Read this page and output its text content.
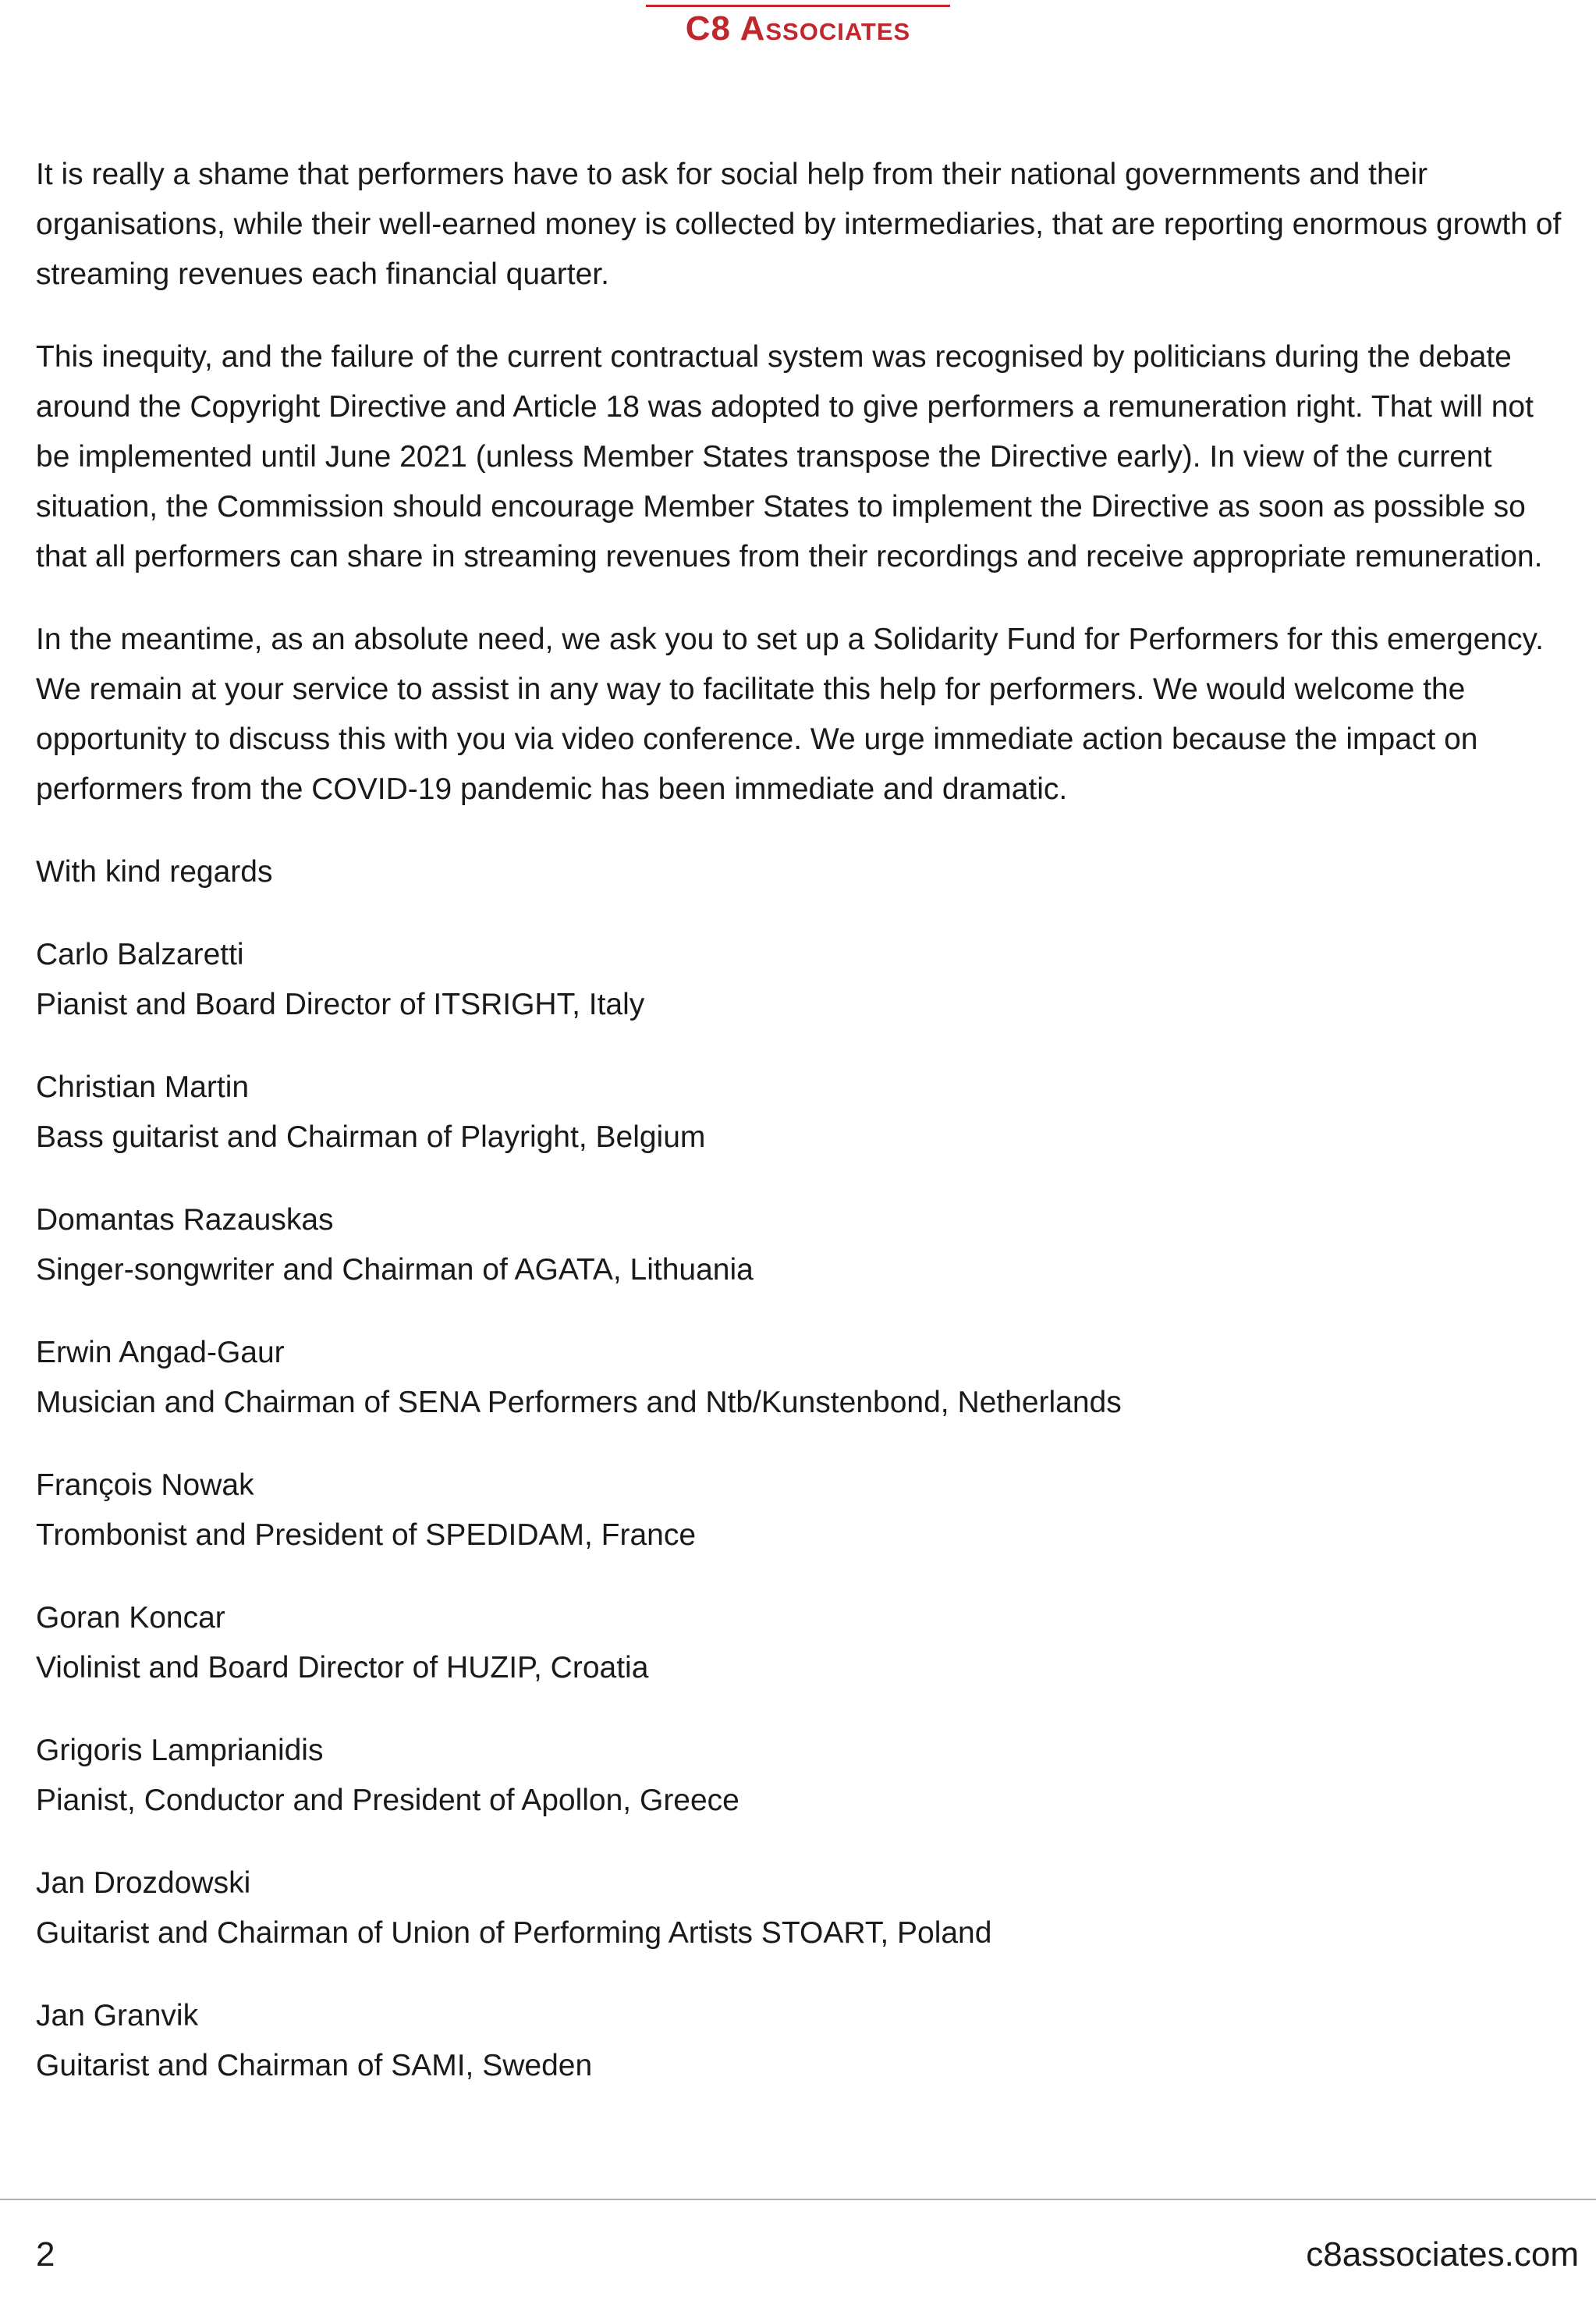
C8 Associates

It is really a shame that performers have to ask for social help from their national governments and their organisations, while their well-earned money is collected by intermediaries, that are reporting enormous growth of streaming revenues each financial quarter.

This inequity, and the failure of the current contractual system was recognised by politicians during the debate around the Copyright Directive and Article 18 was adopted to give performers a remuneration right. That will not be implemented until June 2021 (unless Member States transpose the Directive early). In view of the current situation, the Commission should encourage Member States to implement the Directive as soon as possible so that all performers can share in streaming revenues from their recordings and receive appropriate remuneration.

In the meantime, as an absolute need, we ask you to set up a Solidarity Fund for Performers for this emergency. We remain at your service to assist in any way to facilitate this help for performers. We would welcome the opportunity to discuss this with you via video conference. We urge immediate action because the impact on performers from the COVID-19 pandemic has been immediate and dramatic.

With kind regards

Carlo Balzaretti
Pianist and Board Director of ITSRIGHT, Italy
Christian Martin
Bass guitarist and Chairman of Playright, Belgium
Domantas Razauskas
Singer-songwriter and Chairman of AGATA, Lithuania
Erwin Angad-Gaur
Musician and Chairman of SENA Performers and Ntb/Kunstenbond, Netherlands
François Nowak
Trombonist and President of SPEDIDAM, France
Goran Koncar
Violinist and Board Director of HUZIP, Croatia
Grigoris Lamprianidis
Pianist, Conductor and President of Apollon, Greece
Jan Drozdowski
Guitarist and Chairman of Union of Performing Artists STOART, Poland
Jan Granvik
Guitarist and Chairman of SAMI, Sweden
2	c8associates.com
